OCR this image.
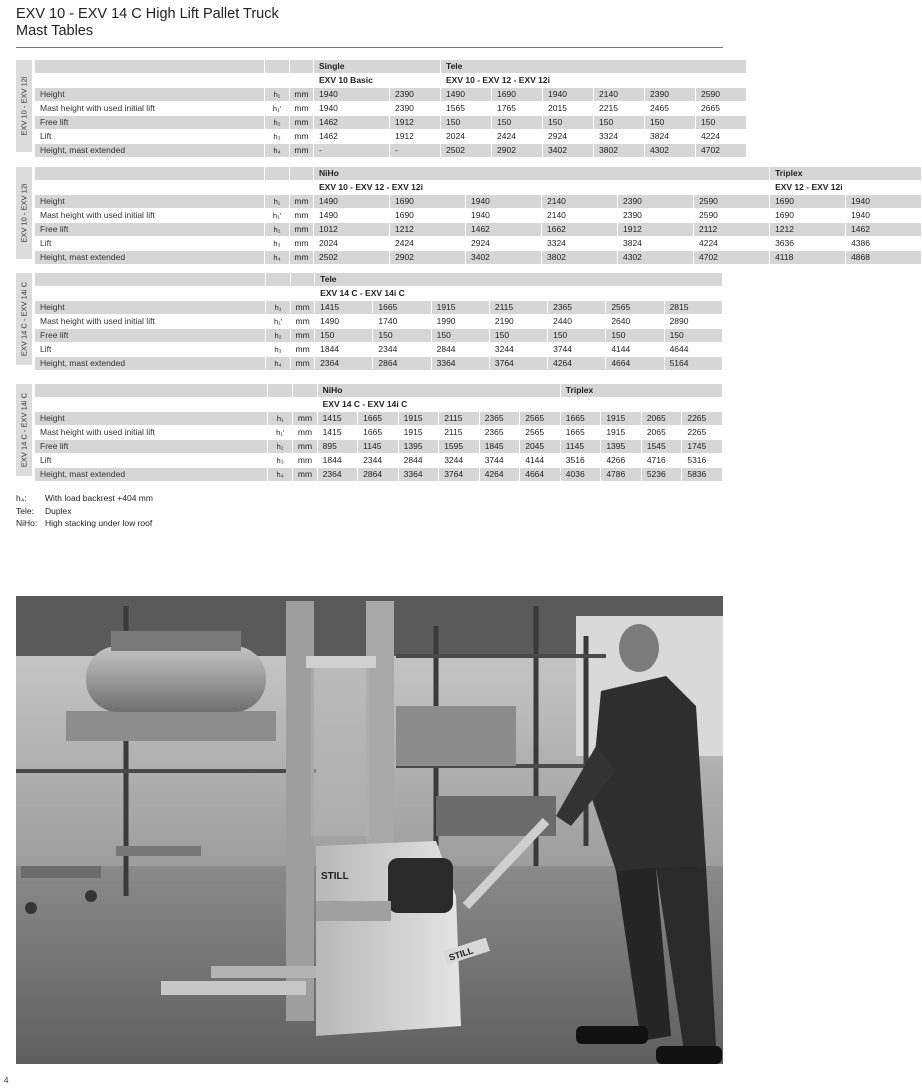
EXV 10 - EXV 14 C High Lift Pallet Truck
Mast Tables
EXV 10 - EXV 12i
			Single		Tele					
			EXV 10 Basic		EXV 10 - EXV 12 - EXV 12i					
Height	h₁	mm	1940	2390	1490	1690	1940	2140	2390	2590
Mast height with used initial lift	h₁'	mm	1940	2390	1565	1765	2015	2215	2465	2665
Free lift	h₂	mm	1462	1912	150	150	150	150	150	150
Lift	h₃	mm	1462	1912	2024	2424	2924	3324	3824	4224
Height, mast extended	h₄	mm	-	-	2502	2902	3402	3802	4302	4702
EXV 10 - EXV 12i
			NiHo						Triplex	
			EXV 10 - EXV 12 - EXV 12i						EXV 12 - EXV 12i	
Height	h₁	mm	1490	1690	1940	2140	2390	2590	1690	1940
Mast height with used initial lift	h₁'	mm	1490	1690	1940	2140	2390	2590	1690	1940
Free lift	h₂	mm	1012	1212	1462	1662	1912	2112	1212	1462
Lift	h₃	mm	2024	2424	2924	3324	3824	4224	3636	4386
Height, mast extended	h₄	mm	2502	2902	3402	3802	4302	4702	4118	4868
EXV 14 C - EXV 14i C
			Tele						
			EXV 14 C - EXV 14i C						
Height	h₁	mm	1415	1665	1915	2115	2365	2565	2815
Mast height with used initial lift	h₁'	mm	1490	1740	1990	2190	2440	2640	2890
Free lift	h₂	mm	150	150	150	150	150	150	150
Lift	h₃	mm	1844	2344	2844	3244	3744	4144	4644
Height, mast extended	h₄	mm	2364	2864	3364	3764	4264	4664	5164
EXV 14 C - EXV 14i C
			NiHo						Triplex			
			EXV 14 C - EXV 14i C									
Height	h₁	mm	1415	1665	1915	2115	2365	2565	1665	1915	2065	2265
Mast height with used initial lift	h₁'	mm	1415	1665	1915	2115	2365	2565	1665	1915	2065	2265
Free lift	h₂	mm	895	1145	1395	1595	1845	2045	1145	1395	1545	1745
Lift	h₃	mm	1844	2344	2844	3244	3744	4144	3516	4266	4716	5316
Height, mast extended	h₄	mm	2364	2864	3364	3764	4264	4664	4036	4786	5236	5836
h₄: With load backrest +404 mm
Tele: Duplex
NiHo: High stacking under low roof
STILL
STILL
4
